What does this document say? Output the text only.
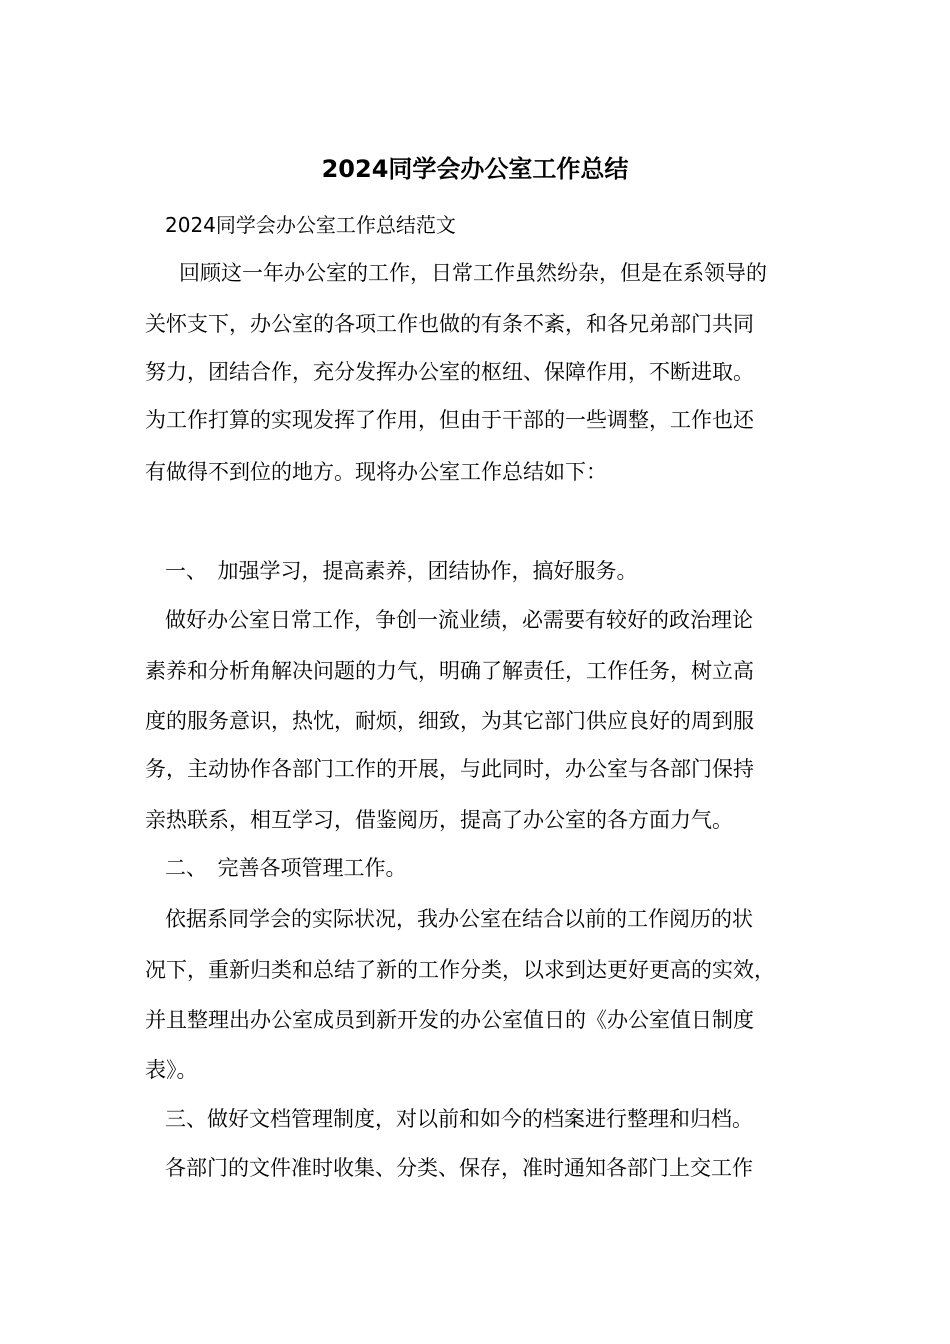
2024同学会办公室工作总结
2024同学会办公室工作总结范文
　回顾这一年办公室的工作，日常工作虽然纷杂，但是在系领导的
关怀支下，办公室的各项工作也做的有条不紊，和各兄弟部门共同
努力，团结合作，充分发挥办公室的枢纽、保障作用，不断进取。
为工作打算的实现发挥了作用，但由于干部的一些调整，工作也还
有做得不到位的地方。现将办公室工作总结如下：
一、　加强学习，提高素养，团结协作，搞好服务。
做好办公室日常工作，争创一流业绩，必需要有较好的政治理论
素养和分析角解决问题的力气，明确了解责任，工作任务，树立高
度的服务意识，热忱，耐烦，细致，为其它部门供应良好的周到服
务，主动协作各部门工作的开展，与此同时，办公室与各部门保持
亲热联系，相互学习，借鉴阅历，提高了办公室的各方面力气。
二、　完善各项管理工作。
依据系同学会的实际状况，我办公室在结合以前的工作阅历的状
况下，重新归类和总结了新的工作分类，以求到达更好更高的实效，
并且整理出办公室成员到新开发的办公室值日的《办公室值日制度
表》。
三、做好文档管理制度，对以前和如今的档案进行整理和归档。
各部门的文件准时收集、分类、保存，准时通知各部门上交工作
